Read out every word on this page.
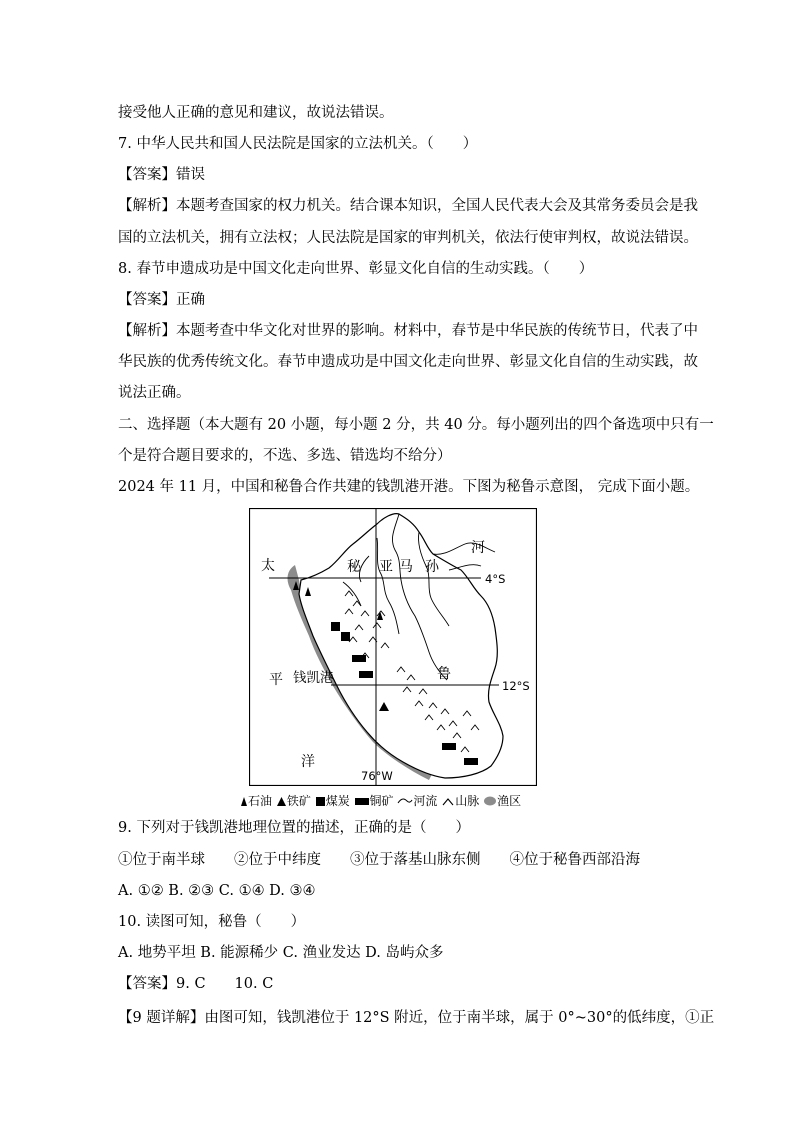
接受他人正确的意见和建议，故说法错误。
7. 中华人民共和国人民法院是国家的立法机关。（　　）
【答案】错误
【解析】本题考查国家的权力机关。结合课本知识，全国人民代表大会及其常务委员会是我
国的立法机关，拥有立法权；人民法院是国家的审判机关，依法行使审判权，故说法错误。
8. 春节申遗成功是中国文化走向世界、彰显文化自信的生动实践。（　　）
【答案】正确
【解析】本题考查中华文化对世界的影响。材料中，春节是中华民族的传统节日，代表了中
华民族的优秀传统文化。春节申遗成功是中国文化走向世界、彰显文化自信的生动实践，故
说法正确。
二、选择题（本大题有 20 小题，每小题 2 分，共 40 分。每小题列出的四个备选项中只有一
个是符合题目要求的，不选、多选、错选均不给分）
2024 年 11 月，中国和秘鲁合作共建的钱凯港开港。下图为秘鲁示意图， 完成下面小题。
太
平
洋
秘 亚 马 孙
河
鲁
钱凯港
4°S
12°S
76°W
石油 铁矿 煤炭 铜矿 河流 山脉 渔区
9. 下列对于钱凯港地理位置的描述，正确的是（　　）
①位于南半球　　②位于中纬度　　③位于落基山脉东侧　　④位于秘鲁西部沿海
A. ①② B. ②③ C. ①④ D. ③④
10. 读图可知，秘鲁（　　）
A. 地势平坦 B. 能源稀少 C. 渔业发达 D. 岛屿众多
【答案】9. C　　10. C
【9 题详解】由图可知，钱凯港位于 12°S 附近，位于南半球，属于 0°~30°的低纬度，①正
